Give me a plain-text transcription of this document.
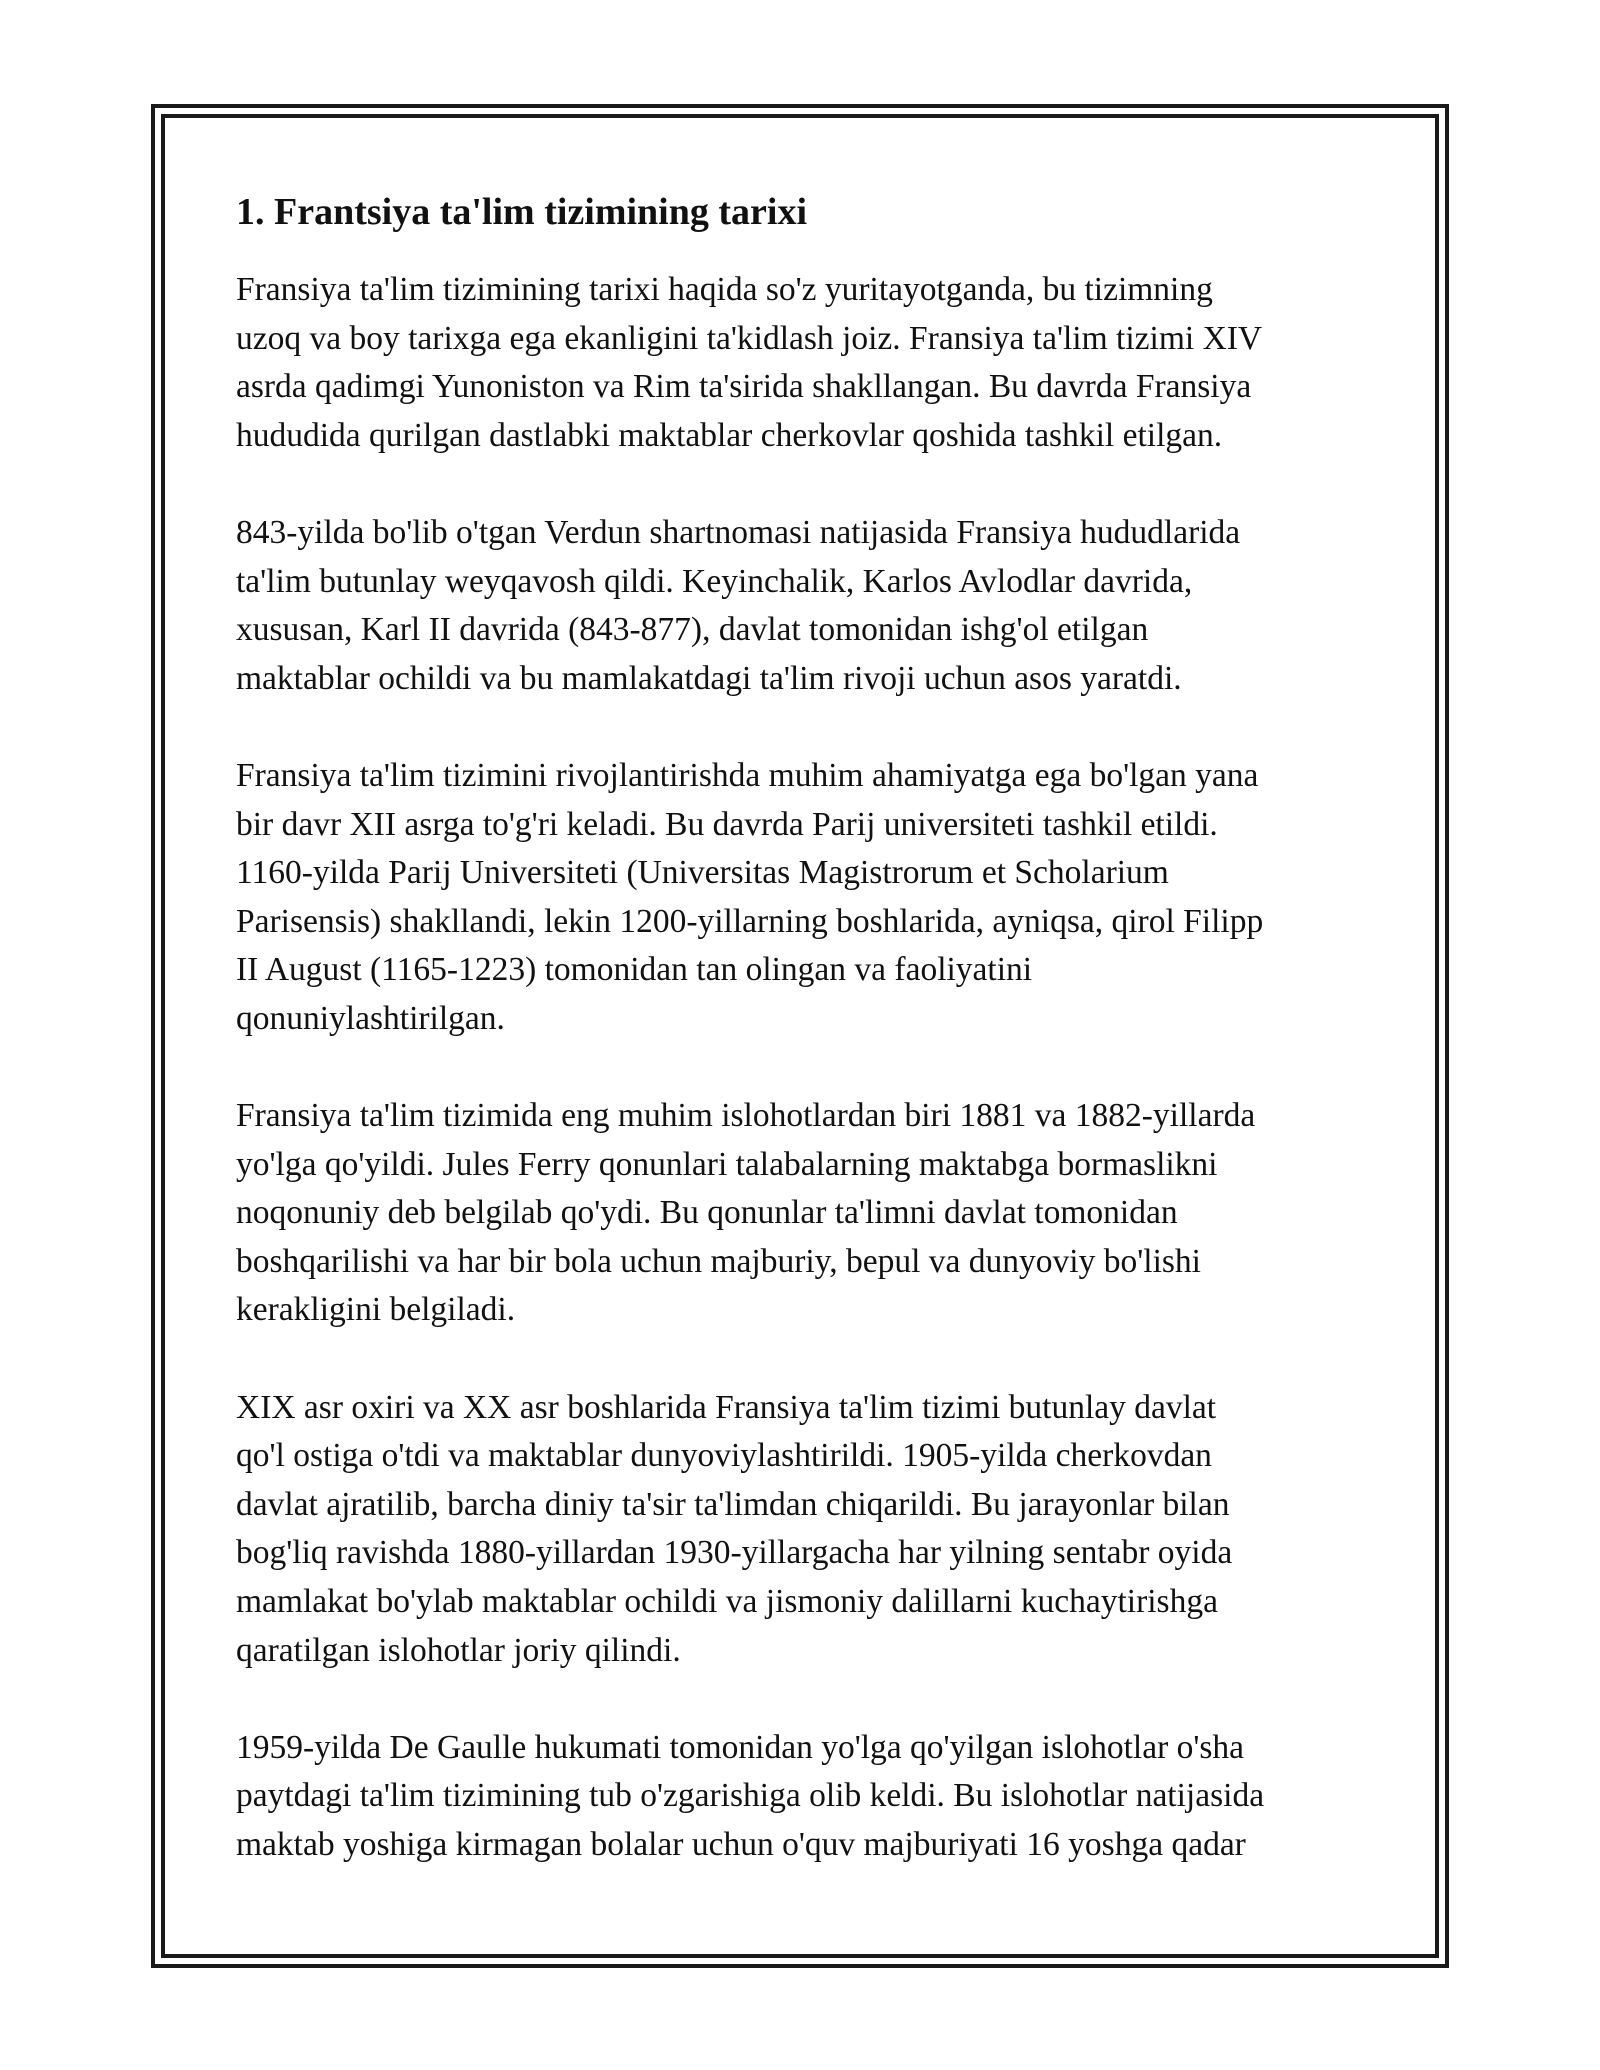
1. Frantsiya ta'lim tizimining tarixi

Fransiya ta'lim tizimining tarixi haqida so'z yuritayotganda, bu tizimning
uzoq va boy tarixga ega ekanligini ta'kidlash joiz. Fransiya ta'lim tizimi XIV
asrda qadimgi Yunoniston va Rim ta'sirida shakllangan. Bu davrda Fransiya
hududida qurilgan dastlabki maktablar cherkovlar qoshida tashkil etilgan.

843-yilda bo'lib o'tgan Verdun shartnomasi natijasida Fransiya hududlarida
ta'lim butunlay weyqavosh qildi. Keyinchalik, Karlos Avlodlar davrida,
xususan, Karl II davrida (843-877), davlat tomonidan ishg'ol etilgan
maktablar ochildi va bu mamlakatdagi ta'lim rivoji uchun asos yaratdi.

Fransiya ta'lim tizimini rivojlantirishda muhim ahamiyatga ega bo'lgan yana
bir davr XII asrga to'g'ri keladi. Bu davrda Parij universiteti tashkil etildi.
1160-yilda Parij Universiteti (Universitas Magistrorum et Scholarium
Parisensis) shakllandi, lekin 1200-yillarning boshlarida, ayniqsa, qirol Filipp
II August (1165-1223) tomonidan tan olingan va faoliyatini
qonuniylashtirilgan.

Fransiya ta'lim tizimida eng muhim islohotlardan biri 1881 va 1882-yillarda
yo'lga qo'yildi. Jules Ferry qonunlari talabalarning maktabga bormaslikni
noqonuniy deb belgilab qo'ydi. Bu qonunlar ta'limni davlat tomonidan
boshqarilishi va har bir bola uchun majburiy, bepul va dunyoviy bo'lishi
kerakligini belgiladi.

XIX asr oxiri va XX asr boshlarida Fransiya ta'lim tizimi butunlay davlat
qo'l ostiga o'tdi va maktablar dunyoviylashtirildi. 1905-yilda cherkovdan
davlat ajratilib, barcha diniy ta'sir ta'limdan chiqarildi. Bu jarayonlar bilan
bog'liq ravishda 1880-yillardan 1930-yillargacha har yilning sentabr oyida
mamlakat bo'ylab maktablar ochildi va jismoniy dalillarni kuchaytirishga
qaratilgan islohotlar joriy qilindi.

1959-yilda De Gaulle hukumati tomonidan yo'lga qo'yilgan islohotlar o'sha
paytdagi ta'lim tizimining tub o'zgarishiga olib keldi. Bu islohotlar natijasida
maktab yoshiga kirmagan bolalar uchun o'quv majburiyati 16 yoshga qadar
